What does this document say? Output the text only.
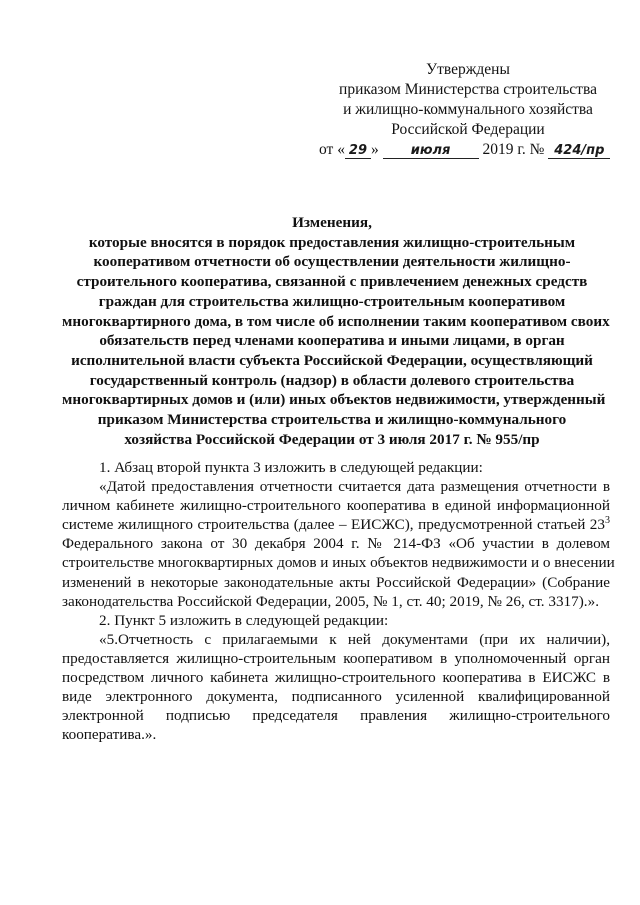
Утверждены
приказом Министерства строительства
и жилищно-коммунального хозяйства
Российской Федерации
от « 29 » июля 2019 г. № 424/пр
Изменения,
которые вносятся в порядок предоставления жилищно-строительным
кооперативом отчетности об осуществлении деятельности жилищно-
строительного кооператива, связанной с привлечением денежных средств
граждан для строительства жилищно-строительным кооперативом
многоквартирного дома, в том числе об исполнении таким кооперативом своих
обязательств перед членами кооператива и иными лицами, в орган
исполнительной власти субъекта Российской Федерации, осуществляющий
государственный контроль (надзор) в области долевого строительства
многоквартирных домов и (или) иных объектов недвижимости, утвержденный
приказом Министерства строительства и жилищно-коммунального
хозяйства Российской Федерации от 3 июля 2017 г. № 955/пр
1. Абзац второй пункта 3 изложить в следующей редакции:
«Датой предоставления отчетности считается дата размещения отчетности в
личном кабинете жилищно-строительного кооператива в единой информационной
системе жилищного строительства (далее – ЕИСЖС), предусмотренной статьей $23^3$
Федерального закона от 30 декабря 2004 г. № 214-ФЗ «Об участии в долевом
строительстве многоквартирных домов и иных объектов недвижимости и о внесении
изменений в некоторые законодательные акты Российской Федерации» (Собрание
законодательства Российской Федерации, 2005, № 1, ст. 40; 2019, № 26, ст. 3317).».
2. Пункт 5 изложить в следующей редакции:
«5.Отчетность с прилагаемыми к ней документами (при их наличии),
предоставляется жилищно-строительным кооперативом в уполномоченный орган
посредством личного кабинета жилищно-строительного кооператива в ЕИСЖС в
виде электронного документа, подписанного усиленной квалифицированной
электронной подписью председателя правления жилищно-строительного
кооператива.».
